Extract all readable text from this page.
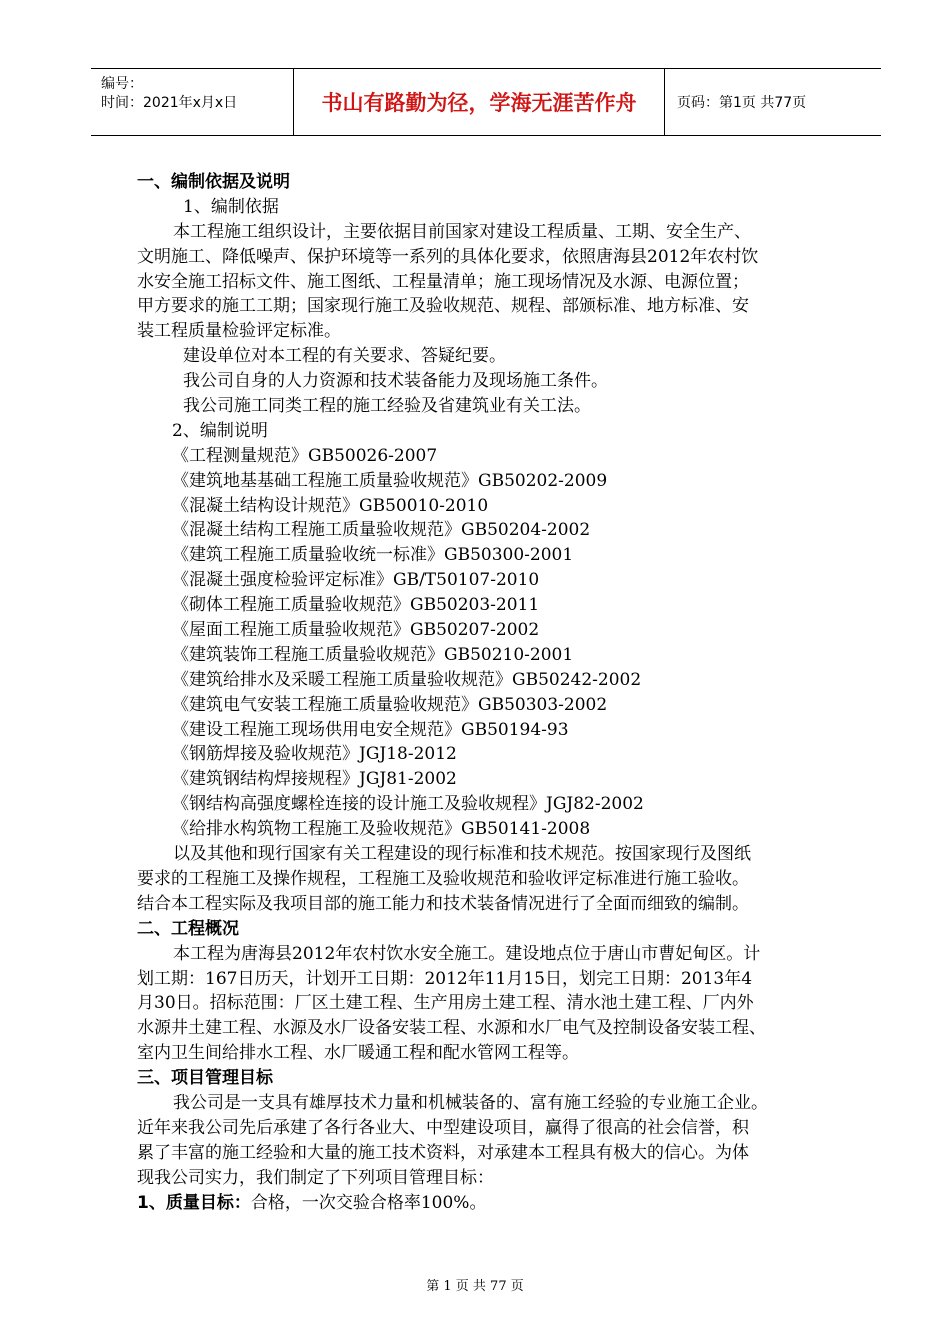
编号：
时间：2021年x月x日	书山有路勤为径，学海无涯苦作舟	页码：第1页 共77页
一、编制依据及说明
1、编制依据
本工程施工组织设计，主要依据目前国家对建设工程质量、工期、安全生产、
文明施工、降低噪声、保护环境等一系列的具体化要求，依照唐海县2012年农村饮
水安全施工招标文件、施工图纸、工程量清单；施工现场情况及水源、电源位置；
甲方要求的施工工期；国家现行施工及验收规范、规程、部颁标准、地方标准、安
装工程质量检验评定标准。
建设单位对本工程的有关要求、答疑纪要。
我公司自身的人力资源和技术装备能力及现场施工条件。
我公司施工同类工程的施工经验及省建筑业有关工法。
2、编制说明
《工程测量规范》GB50026-2007
《建筑地基基础工程施工质量验收规范》GB50202-2009
《混凝土结构设计规范》GB50010-2010
《混凝土结构工程施工质量验收规范》GB50204-2002
《建筑工程施工质量验收统一标准》GB50300-2001
《混凝土强度检验评定标准》GB/T50107-2010
《砌体工程施工质量验收规范》GB50203-2011
《屋面工程施工质量验收规范》GB50207-2002
《建筑装饰工程施工质量验收规范》GB50210-2001
《建筑给排水及采暖工程施工质量验收规范》GB50242-2002
《建筑电气安装工程施工质量验收规范》GB50303-2002
《建设工程施工现场供用电安全规范》GB50194-93
《钢筋焊接及验收规范》JGJ18-2012
《建筑钢结构焊接规程》JGJ81-2002
《钢结构高强度螺栓连接的设计施工及验收规程》JGJ82-2002
《给排水构筑物工程施工及验收规范》GB50141-2008
以及其他和现行国家有关工程建设的现行标准和技术规范。按国家现行及图纸
要求的工程施工及操作规程，工程施工及验收规范和验收评定标准进行施工验收。
结合本工程实际及我项目部的施工能力和技术装备情况进行了全面而细致的编制。
二、工程概况
本工程为唐海县2012年农村饮水安全施工。建设地点位于唐山市曹妃甸区。计
划工期：167日历天，计划开工日期：2012年11月15日，划完工日期：2013年4
月30日。招标范围：厂区土建工程、生产用房土建工程、清水池土建工程、厂内外
水源井土建工程、水源及水厂设备安装工程、水源和水厂电气及控制设备安装工程、
室内卫生间给排水工程、水厂暖通工程和配水管网工程等。
三、项目管理目标
我公司是一支具有雄厚技术力量和机械装备的、富有施工经验的专业施工企业。
近年来我公司先后承建了各行各业大、中型建设项目，赢得了很高的社会信誉，积
累了丰富的施工经验和大量的施工技术资料，对承建本工程具有极大的信心。为体
现我公司实力，我们制定了下列项目管理目标：
1、质量目标：合格，一次交验合格率100%。
第 1 页 共 77 页
